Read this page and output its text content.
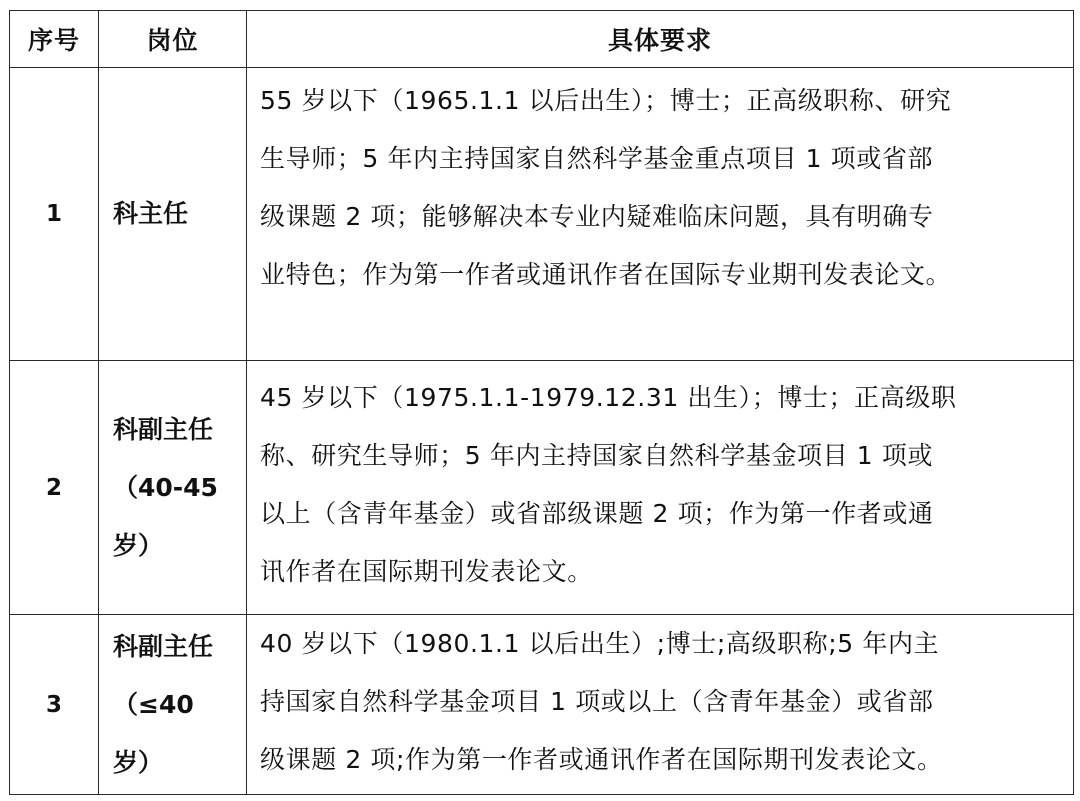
序号	岗位	具体要求
1	科主任	55 岁以下（1965.1.1 以后出生）；博士；正高级职称、研究
生导师；5 年内主持国家自然科学基金重点项目 1 项或省部
级课题 2 项；能够解决本专业内疑难临床问题，具有明确专
业特色；作为第一作者或通讯作者在国际专业期刊发表论文。

2	科副主任
（40-45
岁）	45 岁以下（1975.1.1-1979.12.31 出生）；博士；正高级职
称、研究生导师；5 年内主持国家自然科学基金项目 1 项或
以上（含青年基金）或省部级课题 2 项；作为第一作者或通
讯作者在国际期刊发表论文。

3	科副主任
（≤40
岁）	40 岁以下（1980.1.1 以后出生）;博士;高级职称;5 年内主
持国家自然科学基金项目 1 项或以上（含青年基金）或省部
级课题 2 项;作为第一作者或通讯作者在国际期刊发表论文。
